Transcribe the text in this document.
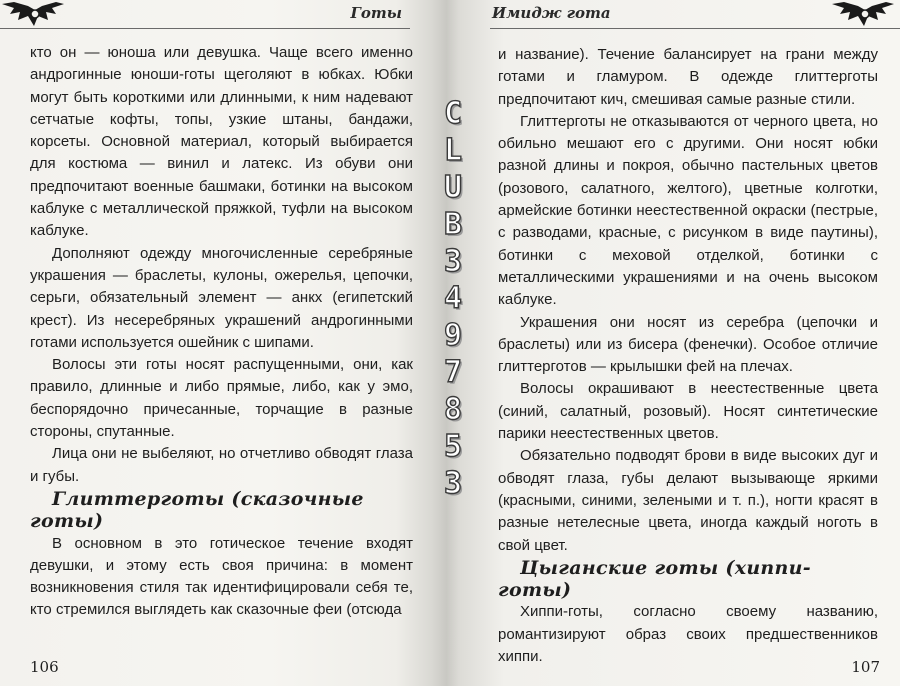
Готы

кто он — юноша или девушка. Чаще всего именно андрогинные юноши-готы щеголяют в юбках. Юбки могут быть короткими или длинными, к ним надевают сетчатые кофты, топы, узкие штаны, бандажи, корсеты. Основной материал, который выбирается для костюма — винил и латекс. Из обуви они предпочитают военные башмаки, ботинки на высоком каблуке с металлической пряжкой, туфли на высоком каблуке.

Дополняют одежду многочисленные серебряные украшения — браслеты, кулоны, ожерелья, цепочки, серьги, обязательный элемент — анкх (египетский крест). Из несеребряных украшений андрогинными готами используется ошейник с шипами.

Волосы эти готы носят распущенными, они, как правило, длинные и либо прямые, либо, как у эмо, беспорядочно причесанные, торчащие в разные стороны, спутанные.

Лица они не выбеляют, но отчетливо обводят глаза и губы.

Глиттерготы (сказочные готы)

В основном в это готическое течение входят девушки, и этому есть своя причина: в момент возникновения стиля так идентифицировали себя те, кто стремился выглядеть как сказочные феи (отсюда

106
Имидж гота

и название). Течение балансирует на грани между готами и гламуром. В одежде глиттерготы предпочитают кич, смешивая самые разные стили.

Глиттерготы не отказываются от черного цвета, но обильно мешают его с другими. Они носят юбки разной длины и покроя, обычно пастельных цветов (розового, салатного, желтого), цветные колготки, армейские ботинки неестественной окраски (пестрые, с разводами, красные, с рисунком в виде паутины), ботинки с меховой отделкой, ботинки с металлическими украшениями и на очень высоком каблуке.

Украшения они носят из серебра (цепочки и браслеты) или из бисера (фенечки). Особое отличие глиттерготов — крылышки фей на плечах.

Волосы окрашивают в неестественные цвета (синий, салатный, розовый). Носят синтетические парики неестественных цветов.

Обязательно подводят брови в виде высоких дуг и обводят глаза, губы делают вызывающе яркими (красными, синими, зелеными и т. п.), ногти красят в разные нетелесные цвета, иногда каждый ноготь в свой цвет.

Цыганские готы (хиппи-готы)

Хиппи-готы, согласно своему названию, романтизируют образ своих предшественников хиппи.

107
C
L
U
B
3
4
9
7
8
5
3
